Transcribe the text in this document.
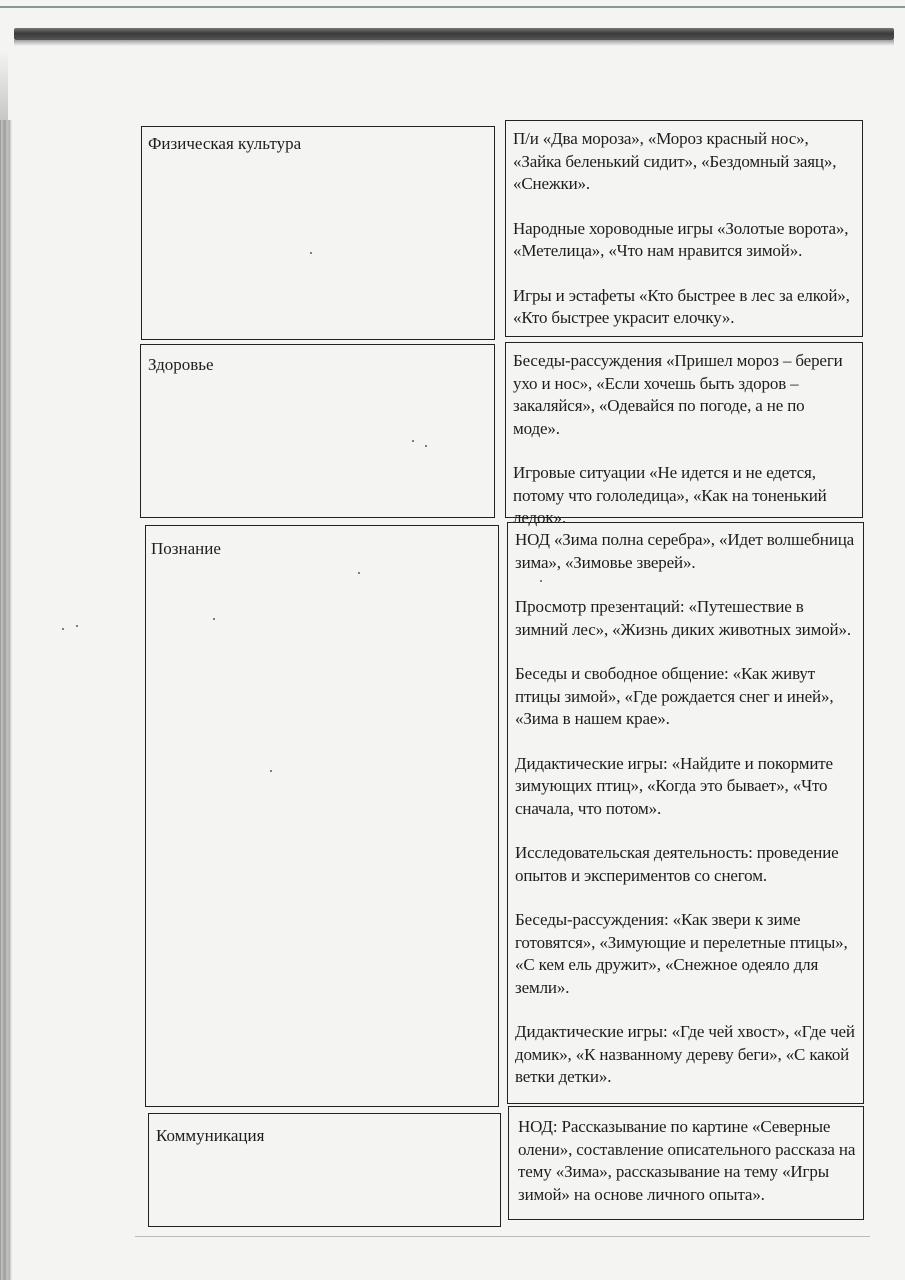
Физическая культура	П/и «Два мороза», «Мороз красный нос», «Зайка беленький сидит», «Бездомный заяц», «Снежки».

Народные хороводные игры «Золотые ворота», «Метелица», «Что нам нравится зимой».

Игры и эстафеты «Кто быстрее в лес за елкой», «Кто быстрее украсит елочку».

Здоровье	Беседы-рассуждения «Пришел мороз – береги ухо и нос», «Если хочешь быть здоров – закаляйся», «Одевайся по погоде, а не по моде».

Игровые ситуации «Не идется и не едется, потому что гололедица», «Как на тоненький ледок».

Познание	НОД «Зима полна серебра», «Идет волшебница зима», «Зимовье зверей».

Просмотр презентаций: «Путешествие в зимний лес», «Жизнь диких животных зимой».

Беседы и свободное общение: «Как живут птицы зимой», «Где рождается снег и иней», «Зима в нашем крае».

Дидактические игры: «Найдите и покормите зимующих птиц», «Когда это бывает», «Что сначала, что потом».

Исследовательская деятельность: проведение опытов и экспериментов со снегом.

Беседы-рассуждения: «Как звери к зиме готовятся», «Зимующие и перелетные птицы», «С кем ель дружит», «Снежное одеяло для земли».

Дидактические игры: «Где чей хвост», «Где чей домик», «К названному дереву беги», «С какой ветки детки».

Коммуникация	НОД: Рассказывание по картине «Северные олени», составление описательного рассказа на тему «Зима», рассказывание на тему «Игры зимой» на основе личного опыта».
